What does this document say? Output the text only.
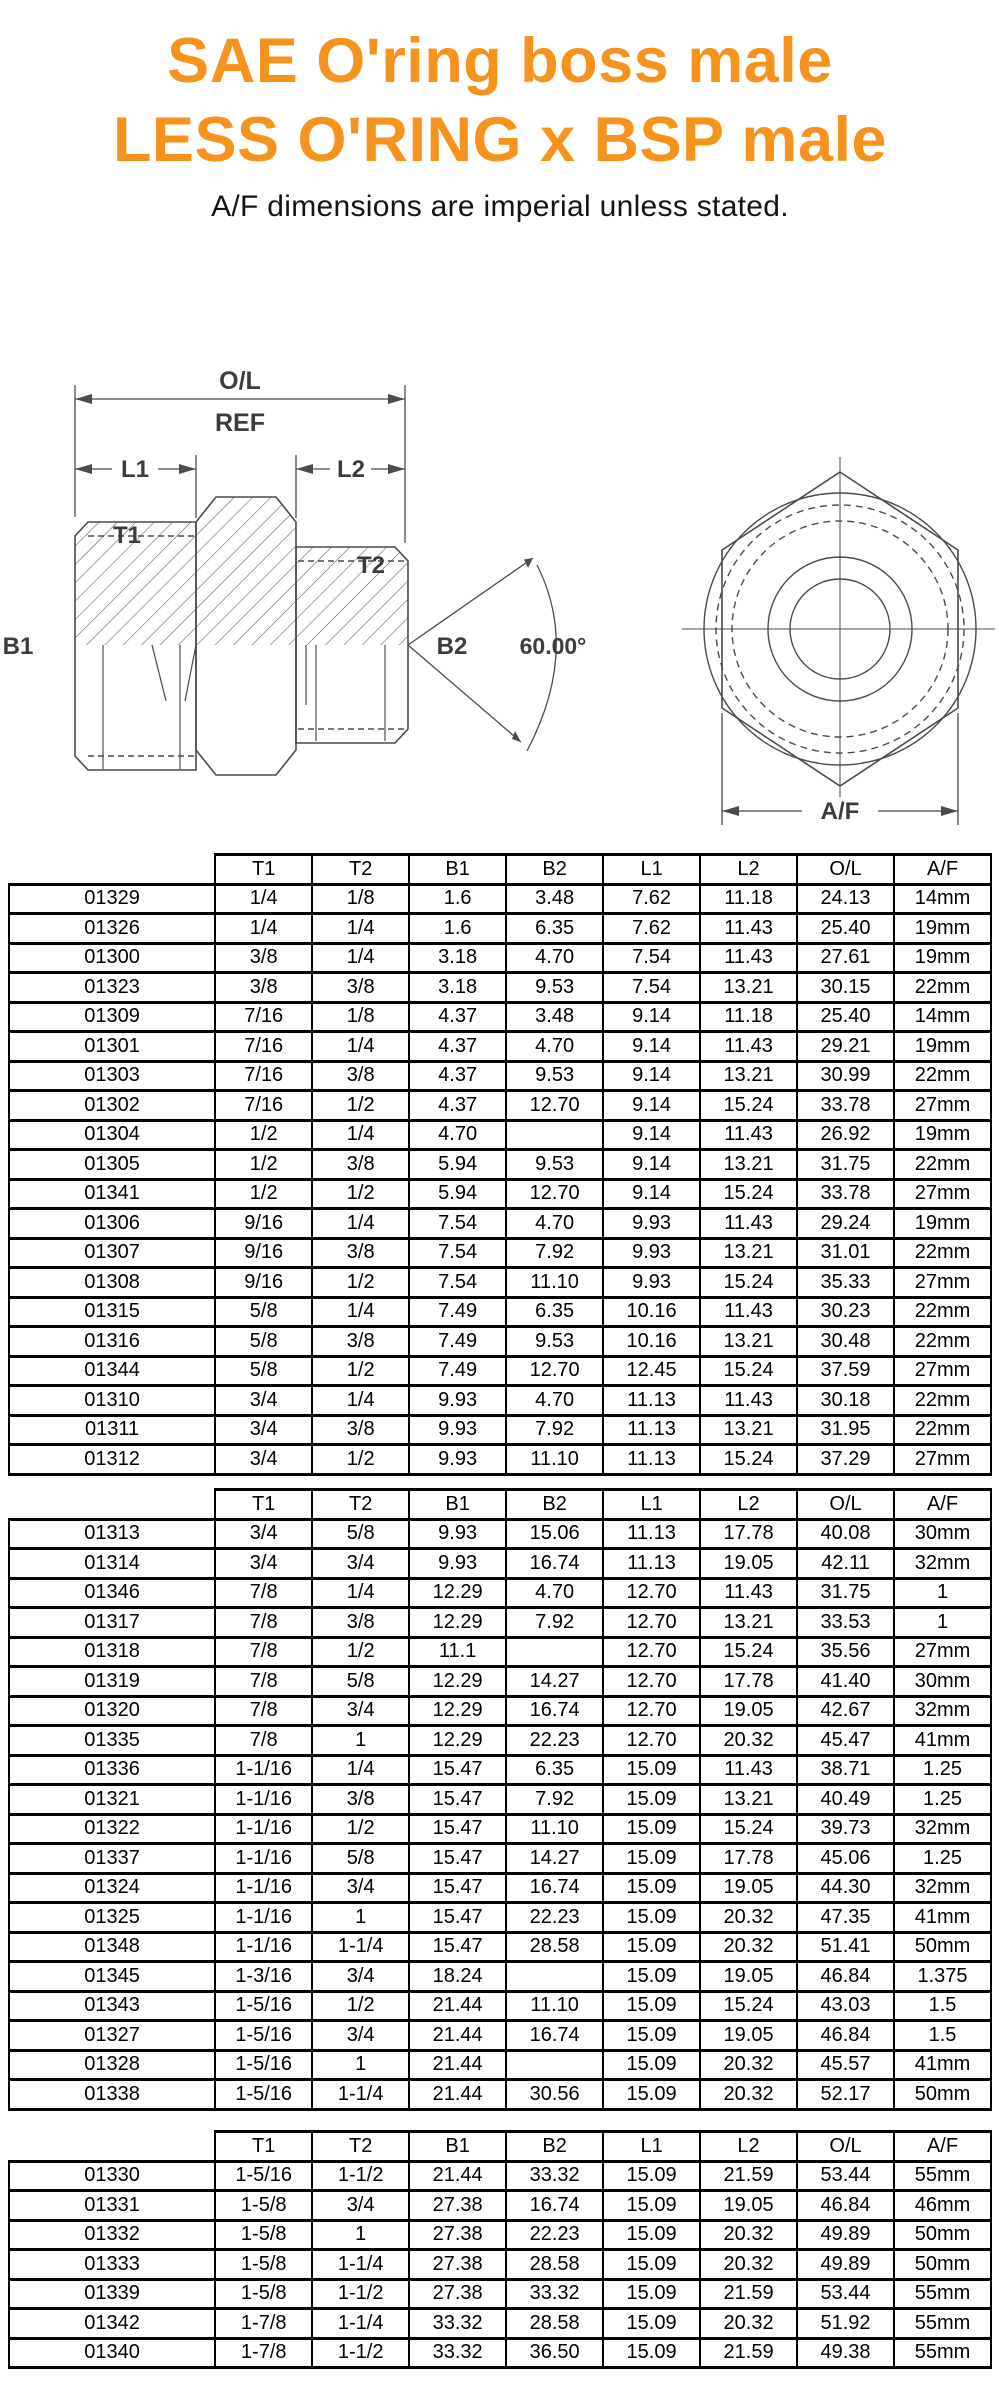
SAE O'ring boss male
LESS O'RING x BSP male
A/F dimensions are imperial unless stated.
O/L
REF
L1	L2
T1
T2
B1	B2 60.00°
A/F
	T1	T2	B1	B2	L1	L2	O/L	A/F
01329	1/4	1/8	1.6	3.48	7.62	11.18	24.13	14mm
01326	1/4	1/4	1.6	6.35	7.62	11.43	25.40	19mm
01300	3/8	1/4	3.18	4.70	7.54	11.43	27.61	19mm
01323	3/8	3/8	3.18	9.53	7.54	13.21	30.15	22mm
01309	7/16	1/8	4.37	3.48	9.14	11.18	25.40	14mm
01301	7/16	1/4	4.37	4.70	9.14	11.43	29.21	19mm
01303	7/16	3/8	4.37	9.53	9.14	13.21	30.99	22mm
01302	7/16	1/2	4.37	12.70	9.14	15.24	33.78	27mm
01304	1/2	1/4	4.70		9.14	11.43	26.92	19mm
01305	1/2	3/8	5.94	9.53	9.14	13.21	31.75	22mm
01341	1/2	1/2	5.94	12.70	9.14	15.24	33.78	27mm
01306	9/16	1/4	7.54	4.70	9.93	11.43	29.24	19mm
01307	9/16	3/8	7.54	7.92	9.93	13.21	31.01	22mm
01308	9/16	1/2	7.54	11.10	9.93	15.24	35.33	27mm
01315	5/8	1/4	7.49	6.35	10.16	11.43	30.23	22mm
01316	5/8	3/8	7.49	9.53	10.16	13.21	30.48	22mm
01344	5/8	1/2	7.49	12.70	12.45	15.24	37.59	27mm
01310	3/4	1/4	9.93	4.70	11.13	11.43	30.18	22mm
01311	3/4	3/8	9.93	7.92	11.13	13.21	31.95	22mm
01312	3/4	1/2	9.93	11.10	11.13	15.24	37.29	27mm
	T1	T2	B1	B2	L1	L2	O/L	A/F
01313	3/4	5/8	9.93	15.06	11.13	17.78	40.08	30mm
01314	3/4	3/4	9.93	16.74	11.13	19.05	42.11	32mm
01346	7/8	1/4	12.29	4.70	12.70	11.43	31.75	1
01317	7/8	3/8	12.29	7.92	12.70	13.21	33.53	1
01318	7/8	1/2	11.1		12.70	15.24	35.56	27mm
01319	7/8	5/8	12.29	14.27	12.70	17.78	41.40	30mm
01320	7/8	3/4	12.29	16.74	12.70	19.05	42.67	32mm
01335	7/8	1	12.29	22.23	12.70	20.32	45.47	41mm
01336	1-1/16	1/4	15.47	6.35	15.09	11.43	38.71	1.25
01321	1-1/16	3/8	15.47	7.92	15.09	13.21	40.49	1.25
01322	1-1/16	1/2	15.47	11.10	15.09	15.24	39.73	32mm
01337	1-1/16	5/8	15.47	14.27	15.09	17.78	45.06	1.25
01324	1-1/16	3/4	15.47	16.74	15.09	19.05	44.30	32mm
01325	1-1/16	1	15.47	22.23	15.09	20.32	47.35	41mm
01348	1-1/16	1-1/4	15.47	28.58	15.09	20.32	51.41	50mm
01345	1-3/16	3/4	18.24		15.09	19.05	46.84	1.375
01343	1-5/16	1/2	21.44	11.10	15.09	15.24	43.03	1.5
01327	1-5/16	3/4	21.44	16.74	15.09	19.05	46.84	1.5
01328	1-5/16	1	21.44		15.09	20.32	45.57	41mm
01338	1-5/16	1-1/4	21.44	30.56	15.09	20.32	52.17	50mm
	T1	T2	B1	B2	L1	L2	O/L	A/F
01330	1-5/16	1-1/2	21.44	33.32	15.09	21.59	53.44	55mm
01331	1-5/8	3/4	27.38	16.74	15.09	19.05	46.84	46mm
01332	1-5/8	1	27.38	22.23	15.09	20.32	49.89	50mm
01333	1-5/8	1-1/4	27.38	28.58	15.09	20.32	49.89	50mm
01339	1-5/8	1-1/2	27.38	33.32	15.09	21.59	53.44	55mm
01342	1-7/8	1-1/4	33.32	28.58	15.09	20.32	51.92	55mm
01340	1-7/8	1-1/2	33.32	36.50	15.09	21.59	49.38	55mm
